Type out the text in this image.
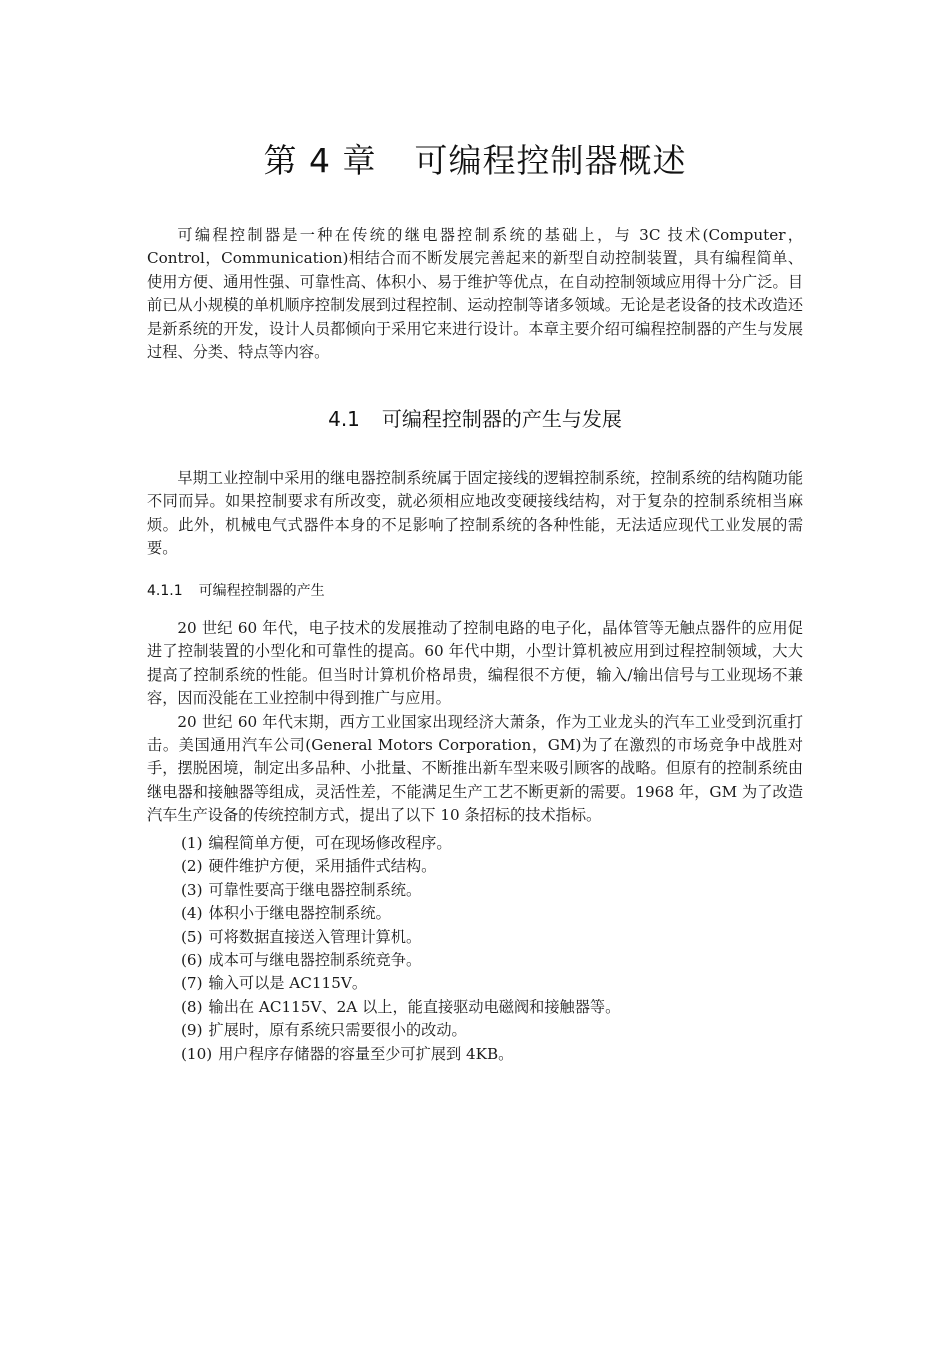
第 4 章 可编程控制器概述

可编程控制器是一种在传统的继电器控制系统的基础上，与 3C 技术(Computer，Control，Communication)相结合而不断发展完善起来的新型自动控制装置，具有编程简单、使用方便、通用性强、可靠性高、体积小、易于维护等优点，在自动控制领域应用得十分广泛。目前已从小规模的单机顺序控制发展到过程控制、运动控制等诸多领域。无论是老设备的技术改造还是新系统的开发，设计人员都倾向于采用它来进行设计。本章主要介绍可编程控制器的产生与发展过程、分类、特点等内容。

4.1 可编程控制器的产生与发展

早期工业控制中采用的继电器控制系统属于固定接线的逻辑控制系统，控制系统的结构随功能不同而异。如果控制要求有所改变，就必须相应地改变硬接线结构，对于复杂的控制系统相当麻烦。此外，机械电气式器件本身的不足影响了控制系统的各种性能，无法适应现代工业发展的需要。

4.1.1 可编程控制器的产生

20 世纪 60 年代，电子技术的发展推动了控制电路的电子化，晶体管等无触点器件的应用促进了控制装置的小型化和可靠性的提高。60 年代中期，小型计算机被应用到过程控制领域，大大提高了控制系统的性能。但当时计算机价格昂贵，编程很不方便，输入/输出信号与工业现场不兼容，因而没能在工业控制中得到推广与应用。

20 世纪 60 年代末期，西方工业国家出现经济大萧条，作为工业龙头的汽车工业受到沉重打击。美国通用汽车公司(General Motors Corporation，GM)为了在激烈的市场竞争中战胜对手，摆脱困境，制定出多品种、小批量、不断推出新车型来吸引顾客的战略。但原有的控制系统由继电器和接触器等组成，灵活性差，不能满足生产工艺不断更新的需要。1968 年，GM 为了改造汽车生产设备的传统控制方式，提出了以下 10 条招标的技术指标。

(1) 编程简单方便，可在现场修改程序。
(2) 硬件维护方便，采用插件式结构。
(3) 可靠性要高于继电器控制系统。
(4) 体积小于继电器控制系统。
(5) 可将数据直接送入管理计算机。
(6) 成本可与继电器控制系统竞争。
(7) 输入可以是 AC115V。
(8) 输出在 AC115V、2A 以上，能直接驱动电磁阀和接触器等。
(9) 扩展时，原有系统只需要很小的改动。
(10) 用户程序存储器的容量至少可扩展到 4KB。
